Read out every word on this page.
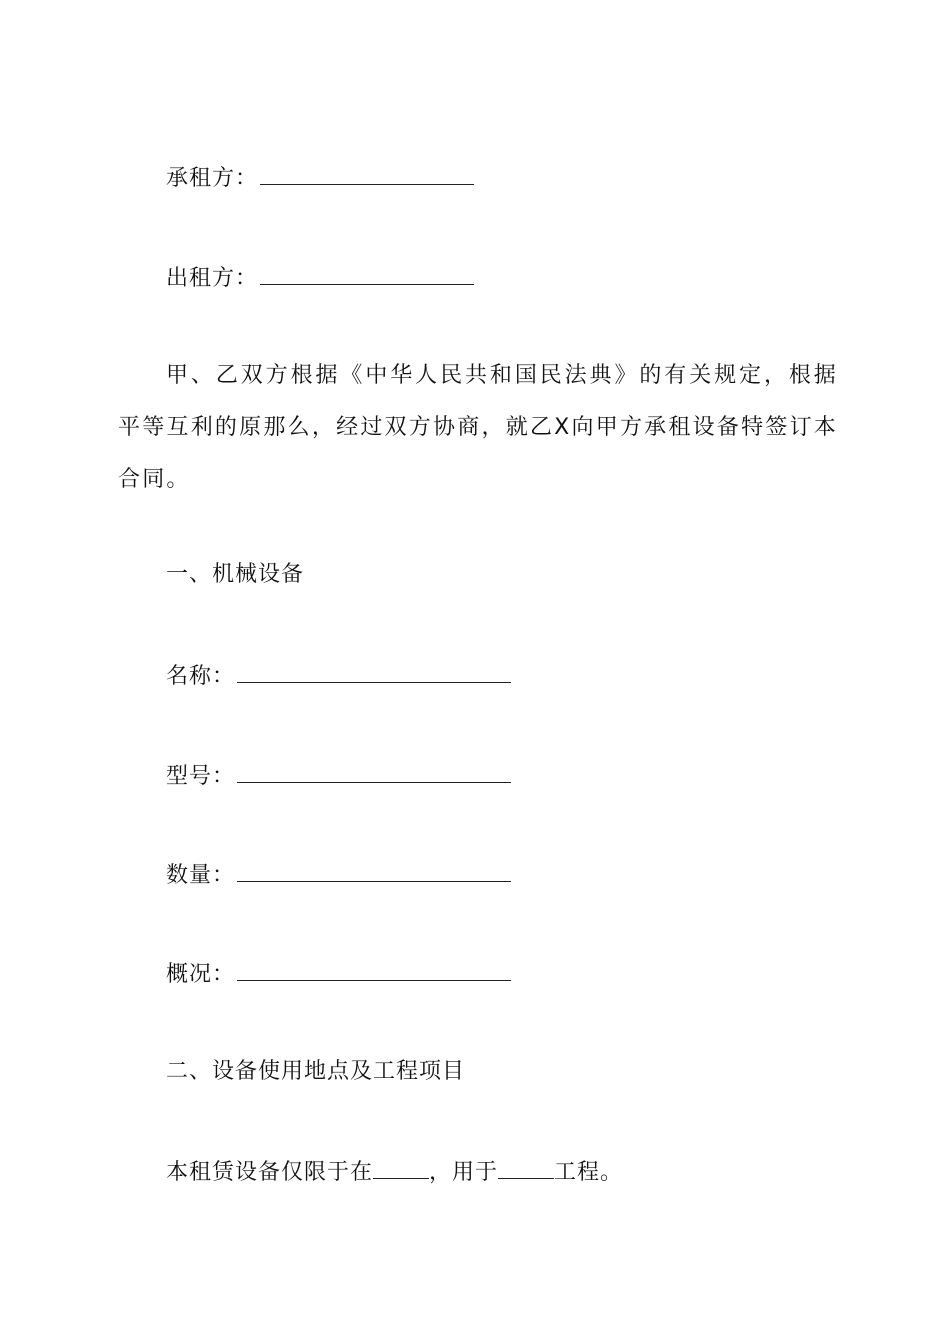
承租方：
出租方：

甲、乙双方根据《中华人民共和国民法典》的有关规定，根据平等互利的原那么，经过双方协商，就乙X向甲方承租设备特签订本合同。

一、机械设备
名称：
型号：
数量：
概况：
二、设备使用地点及工程项目
本租赁设备仅限于在	，用于	工程。
